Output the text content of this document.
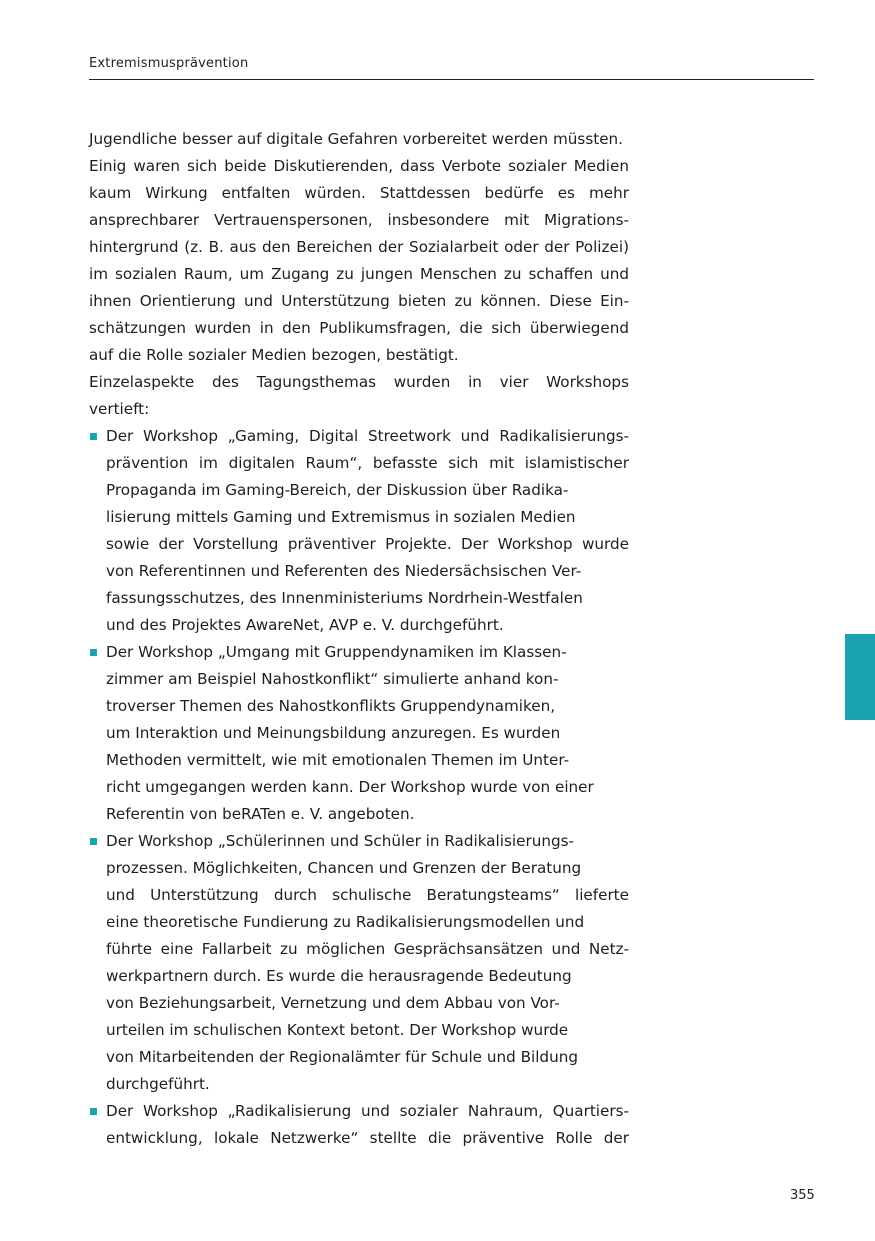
Extremismusprävention
Jugendliche besser auf digitale Gefahren vorbereitet werden müssten.
Einig waren sich beide Diskutierenden, dass Verbote sozialer Medien
kaum Wirkung entfalten würden. Stattdessen bedürfe es mehr
ansprechbarer Vertrauenspersonen, insbesondere mit Migrations-
hintergrund (z. B. aus den Bereichen der Sozialarbeit oder der Polizei)
im sozialen Raum, um Zugang zu jungen Menschen zu schaffen und
ihnen Orientierung und Unterstützung bieten zu können. Diese Ein-
schätzungen wurden in den Publikumsfragen, die sich überwiegend
auf die Rolle sozialer Medien bezogen, bestätigt.
Einzelaspekte des Tagungsthemas wurden in vier Workshops
vertieft:
Der Workshop „Gaming, Digital Streetwork und Radikalisierungs-
prävention im digitalen Raum“, befasste sich mit islamistischer
Propaganda im Gaming-Bereich, der Diskussion über Radika-
lisierung mittels Gaming und Extremismus in sozialen Medien
sowie der Vorstellung präventiver Projekte. Der Workshop wurde
von Referentinnen und Referenten des Niedersächsischen Ver-
fassungsschutzes, des Innenministeriums Nordrhein-Westfalen
und des Projektes AwareNet, AVP e. V. durchgeführt.
Der Workshop „Umgang mit Gruppendynamiken im Klassen-
zimmer am Beispiel Nahostkonflikt“ simulierte anhand kon-
troverser Themen des Nahostkonflikts Gruppendynamiken,
um Interaktion und Meinungsbildung anzuregen. Es wurden
Methoden vermittelt, wie mit emotionalen Themen im Unter-
richt umgegangen werden kann. Der Workshop wurde von einer
Referentin von beRATen e. V. angeboten.
Der Workshop „Schülerinnen und Schüler in Radikalisierungs-
prozessen. Möglichkeiten, Chancen und Grenzen der Beratung
und Unterstützung durch schulische Beratungsteams“ lieferte
eine theoretische Fundierung zu Radikalisierungsmodellen und
führte eine Fallarbeit zu möglichen Gesprächsansätzen und Netz-
werkpartnern durch. Es wurde die herausragende Bedeutung
von Beziehungsarbeit, Vernetzung und dem Abbau von Vor-
urteilen im schulischen Kontext betont. Der Workshop wurde
von Mitarbeitenden der Regionalämter für Schule und Bildung
durchgeführt.
Der Workshop „Radikalisierung und sozialer Nahraum, Quartiers-
entwicklung, lokale Netzwerke“ stellte die präventive Rolle der
355
